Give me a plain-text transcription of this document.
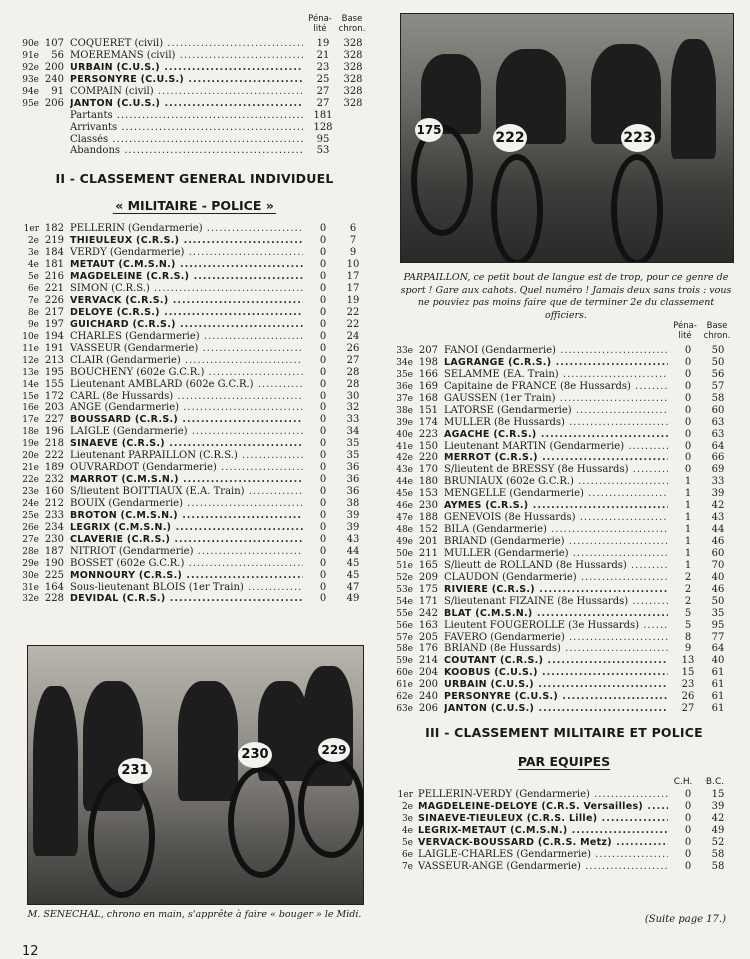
Péna-
lité
Base
chron.
90e 107 COQUERET (civil) .....	19	328
91e	56 MOEREMANS (civil) .....	21	328
92e 200 URBAIN (C.U.S.) .....	23	328
93e 240 PERSONYRE (C.U.S.) .....	25	328
94e	91 COMPAIN (civil) .....	27	328
95e 206 JANTON (C.U.S.) .....	27	328
Partants .....	181
Arrivants .....	128
Classés .....	95
Abandons .....	53
II - CLASSEMENT GENERAL INDIVIDUEL
« MILITAIRE - POLICE »
1er 182 PELLERIN (Gendarmerie) .....	0	6
2e 219 THIEULEUX (C.R.S.) .....	0	7
3e 184 VERDY (Gendarmerie) .....	0	9
4e 181 METAUT (C.M.S.N.) .....	0	10
5e 216 MAGDELEINE (C.R.S.) .....	0	17
6e 221 SIMON (C.R.S.) .....	0	17
7e 226 VERVACK (C.R.S.) .....	0	19
8e 217 DELOYE (C.R.S.) .....	0	22
9e 197 GUICHARD (C.R.S.) .....	0	22
10e 194 CHARLES (Gendarmerie) .....	0	24
11e 191 VASSEUR (Gendarmerie) .....	0	26
12e 213 CLAIR (Gendarmerie) .....	0	27
13e 195 BOUCHENY (602e G.C.R.) .....	0	28
14e 155 Lieutenant AMBLARD (602e G.C.R.) .....	0	28
15e 172 CARL (8e Hussards) .....	0	30
16e 203 ANGE (Gendarmerie) .....	0	32
17e 227 BOUSSARD (C.R.S.) .....	0	33
18e 196 LAIGLE (Gendarmerie) .....	0	34
19e 218 SINAEVE (C.R.S.) .....	0	35
20e 222 Lieutenant PARPAILLON (C.R.S.) .....	0	35
21e 189 OUVRARDOT (Gendarmerie) .....	0	36
22e 232 MARROT (C.M.S.N.) .....	0	36
23e 160 S/lieutent BOITTIAUX (E.A. Train) .....	0	36
24e 212 BOUIX (Gendarmerie) .....	0	38
25e 233 BROTON (C.M.S.N.) .....	0	39
26e 234 LEGRIX (C.M.S.N.) .....	0	39
27e 230 CLAVERIE (C.R.S.) .....	0	43
28e 187 NITRIOT (Gendarmerie) .....	0	44
29e 190 BOSSET (602e G.C.R.) .....	0	45
30e 225 MONNOURY (C.R.S.) .....	0	45
31e 164 Sous-lieutenant BLOIS (1er Train) .....	0	47
32e 228 DEVIDAL (C.R.S.) .....	0	49
175	222	223
PARPAILLON, ce petit bout de langue est de trop, pour ce genre de sport ! Gare aux cahots. Quel numéro ! Jamais deux sans trois : vous ne pouviez pas moins faire que de terminer 2e du classement officiers.
Péna-
lité
Base
chron.
33e 207 FANOI (Gendarmerie) .....	0	50
34e 198 LAGRANGE (C.R.S.) .....	0	50
35e 166 SELAMME (EA. Train) .....	0	56
36e 169 Capitaine de FRANCE (8e Hussards) .....	0	57
37e 168 GAUSSEN (1er Train) .....	0	58
38e 151 LATORSE (Gendarmerie) .....	0	60
39e 174 MULLER (8e Hussards) .....	0	63
40e 223 AGACHE (C.R.S.) .....	0	63
41e 150 Lieutenant MARTIN (Gendarmerie) .....	0	64
42e 220 MERROT (C.R.S.) .....	0	66
43e 170 S/lieutent de BRESSY (8e Hussards) .....	0	69
44e 180 BRUNIAUX (602e G.C.R.) .....	1	33
45e 153 MENGELLE (Gendarmerie) .....	1	39
46e 230 AYMES (C.R.S.) .....	1	42
47e 188 GENEVOIS (8e Hussards) .....	1	43
48e 152 BILA (Gendarmerie) .....	1	44
49e 201 BRIAND (Gendarmerie) .....	1	46
50e 211 MULLER (Gendarmerie) .....	1	60
51e 165 S/lieutt de ROLLAND (8e Hussards) .....	1	70
52e 209 CLAUDON (Gendarmerie) .....	2	40
53e 175 RIVIERE (C.R.S.) .....	2	46
54e 171 S/lieutenant FIZAINE (8e Hussards) .....	2	50
55e 242 BLAT (C.M.S.N.) .....	5	35
56e 163 Lieutent FOUGEROLLE (3e Hussards) .....	5	95
57e 205 FAVERO (Gendarmerie) .....	8	77
58e 176 BRIAND (8e Hussards) .....	9	64
59e 214 COUTANT (C.R.S.) .....	13	40
60e 204 KOOBUS (C.U.S.) .....	15	61
61e 200 URBAIN (C.U.S.) .....	23	61
62e 240 PERSONYRE (C.U.S.) .....	26	61
63e 206 JANTON (C.U.S.) .....	27	61
III - CLASSEMENT MILITAIRE ET POLICE
PAR EQUIPES
C.H.	B.C.
1er PELLERIN-VERDY (Gendarmerie) .....	0	15
2e MAGDELEINE-DELOYE (C.R.S. Versailles) .....	0	39
3e SINAEVE-TIEULEUX (C.R.S. Lille) .....	0	42
4e LEGRIX-METAUT (C.M.S.N.) .....	0	49
5e VERVACK-BOUSSARD (C.R.S. Metz) .....	0	52
6e LAIGLE-CHARLES (Gendarmerie) .....	0	58
7e VASSEUR-ANGE (Gendarmerie) .....	0	58
231
230	229
M. SENECHAL, chrono en main, s'apprête à faire « bouger » le Midi.	(Suite page 17.)
12
